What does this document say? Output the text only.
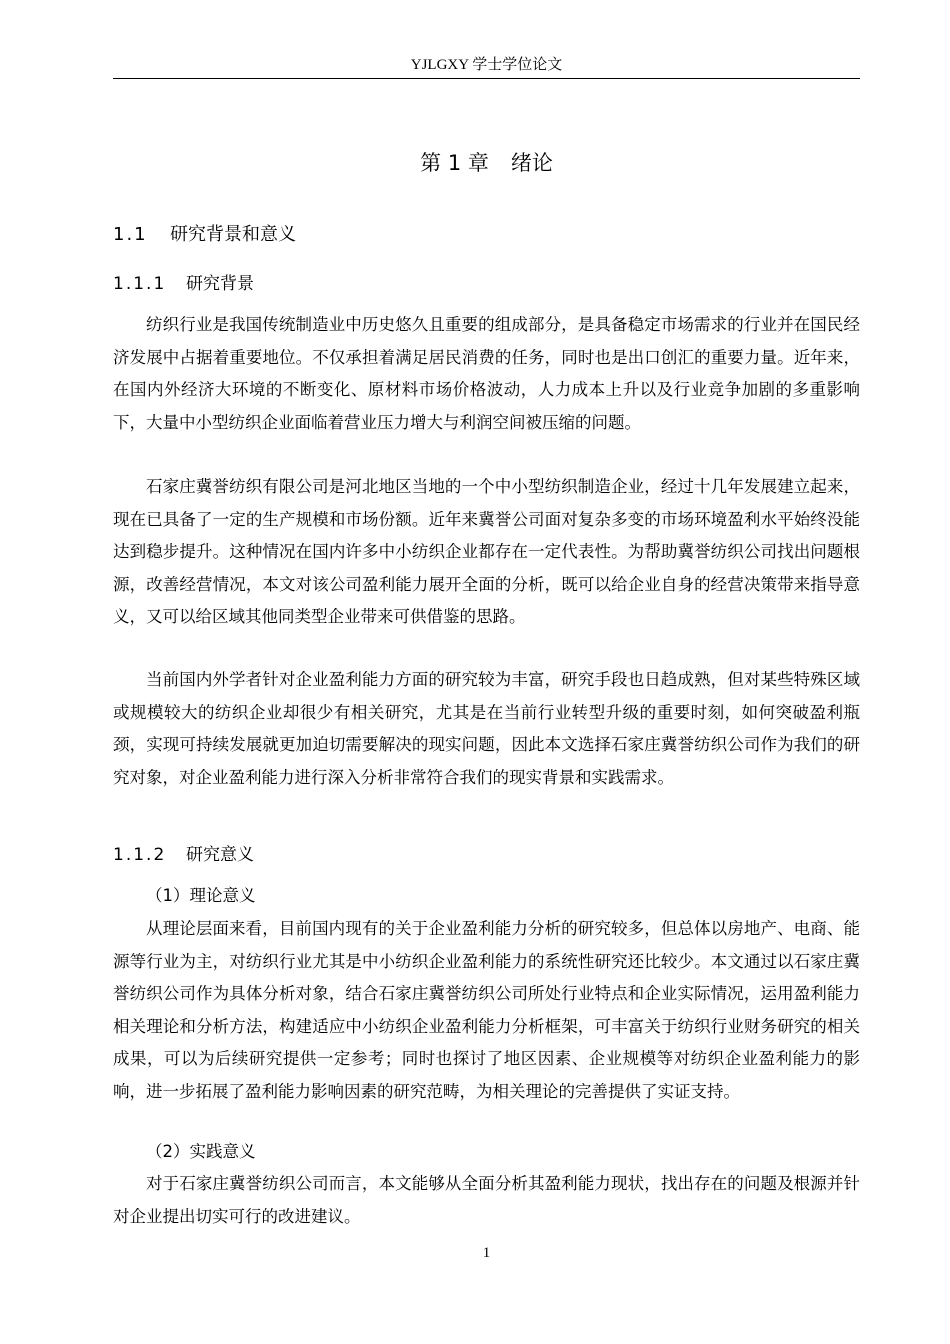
YJLGXY 学士学位论文
第 1 章 绪论
1.1 研究背景和意义
1.1.1 研究背景

纺织行业是我国传统制造业中历史悠久且重要的组成部分，是具备稳定市场需求的行业并在国民经济发展中占据着重要地位。不仅承担着满足居民消费的任务，同时也是出口创汇的重要力量。近年来，在国内外经济大环境的不断变化、原材料市场价格波动，人力成本上升以及行业竞争加剧的多重影响下，大量中小型纺织企业面临着营业压力增大与利润空间被压缩的问题。

石家庄冀誉纺织有限公司是河北地区当地的一个中小型纺织制造企业，经过十几年发展建立起来，现在已具备了一定的生产规模和市场份额。近年来冀誉公司面对复杂多变的市场环境盈利水平始终没能达到稳步提升。这种情况在国内许多中小纺织企业都存在一定代表性。为帮助冀誉纺织公司找出问题根源，改善经营情况，本文对该公司盈利能力展开全面的分析，既可以给企业自身的经营决策带来指导意义，又可以给区域其他同类型企业带来可供借鉴的思路。

当前国内外学者针对企业盈利能力方面的研究较为丰富，研究手段也日趋成熟，但对某些特殊区域或规模较大的纺织企业却很少有相关研究，尤其是在当前行业转型升级的重要时刻，如何突破盈利瓶颈，实现可持续发展就更加迫切需要解决的现实问题，因此本文选择石家庄冀誉纺织公司作为我们的研究对象，对企业盈利能力进行深入分析非常符合我们的现实背景和实践需求。

1.1.2 研究意义

（1）理论意义

从理论层面来看，目前国内现有的关于企业盈利能力分析的研究较多，但总体以房地产、电商、能源等行业为主，对纺织行业尤其是中小纺织企业盈利能力的系统性研究还比较少。本文通过以石家庄冀誉纺织公司作为具体分析对象，结合石家庄冀誉纺织公司所处行业特点和企业实际情况，运用盈利能力相关理论和分析方法，构建适应中小纺织企业盈利能力分析框架，可丰富关于纺织行业财务研究的相关成果，可以为后续研究提供一定参考；同时也探讨了地区因素、企业规模等对纺织企业盈利能力的影响，进一步拓展了盈利能力影响因素的研究范畴，为相关理论的完善提供了实证支持。

（2）实践意义

对于石家庄冀誉纺织公司而言，本文能够从全面分析其盈利能力现状，找出存在的问题及根源并针对企业提出切实可行的改进建议。

1
